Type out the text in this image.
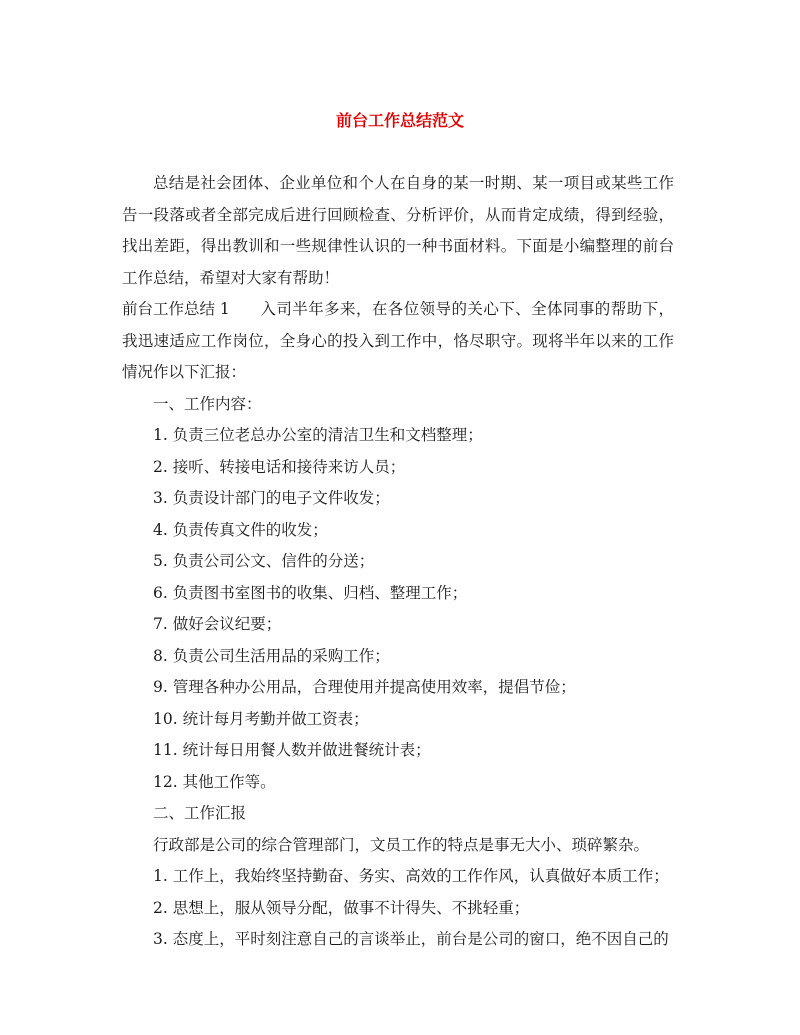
前台工作总结范文

总结是社会团体、企业单位和个人在自身的某一时期、某一项目或某些工作告一段落或者全部完成后进行回顾检查、分析评价，从而肯定成绩，得到经验，找出差距，得出教训和一些规律性认识的一种书面材料。下面是小编整理的前台工作总结，希望对大家有帮助！

前台工作总结 1 入司半年多来，在各位领导的关心下、全体同事的帮助下，我迅速适应工作岗位，全身心的投入到工作中，恪尽职守。现将半年以来的工作情况作以下汇报：

一、工作内容：

1. 负责三位老总办公室的清洁卫生和文档整理；

2. 接听、转接电话和接待来访人员；

3. 负责设计部门的电子文件收发；

4. 负责传真文件的收发；

5. 负责公司公文、信件的分送；

6. 负责图书室图书的收集、归档、整理工作；

7. 做好会议纪要；

8. 负责公司生活用品的采购工作；

9. 管理各种办公用品，合理使用并提高使用效率，提倡节俭；

10. 统计每月考勤并做工资表；

11. 统计每日用餐人数并做进餐统计表；

12. 其他工作等。

二、工作汇报

行政部是公司的综合管理部门，文员工作的特点是事无大小、琐碎繁杂。

1. 工作上，我始终坚持勤奋、务实、高效的工作作风，认真做好本质工作；

2. 思想上，服从领导分配，做事不计得失、不挑轻重；

3. 态度上，平时刻注意自己的言谈举止，前台是公司的窗口，绝不因自己的
